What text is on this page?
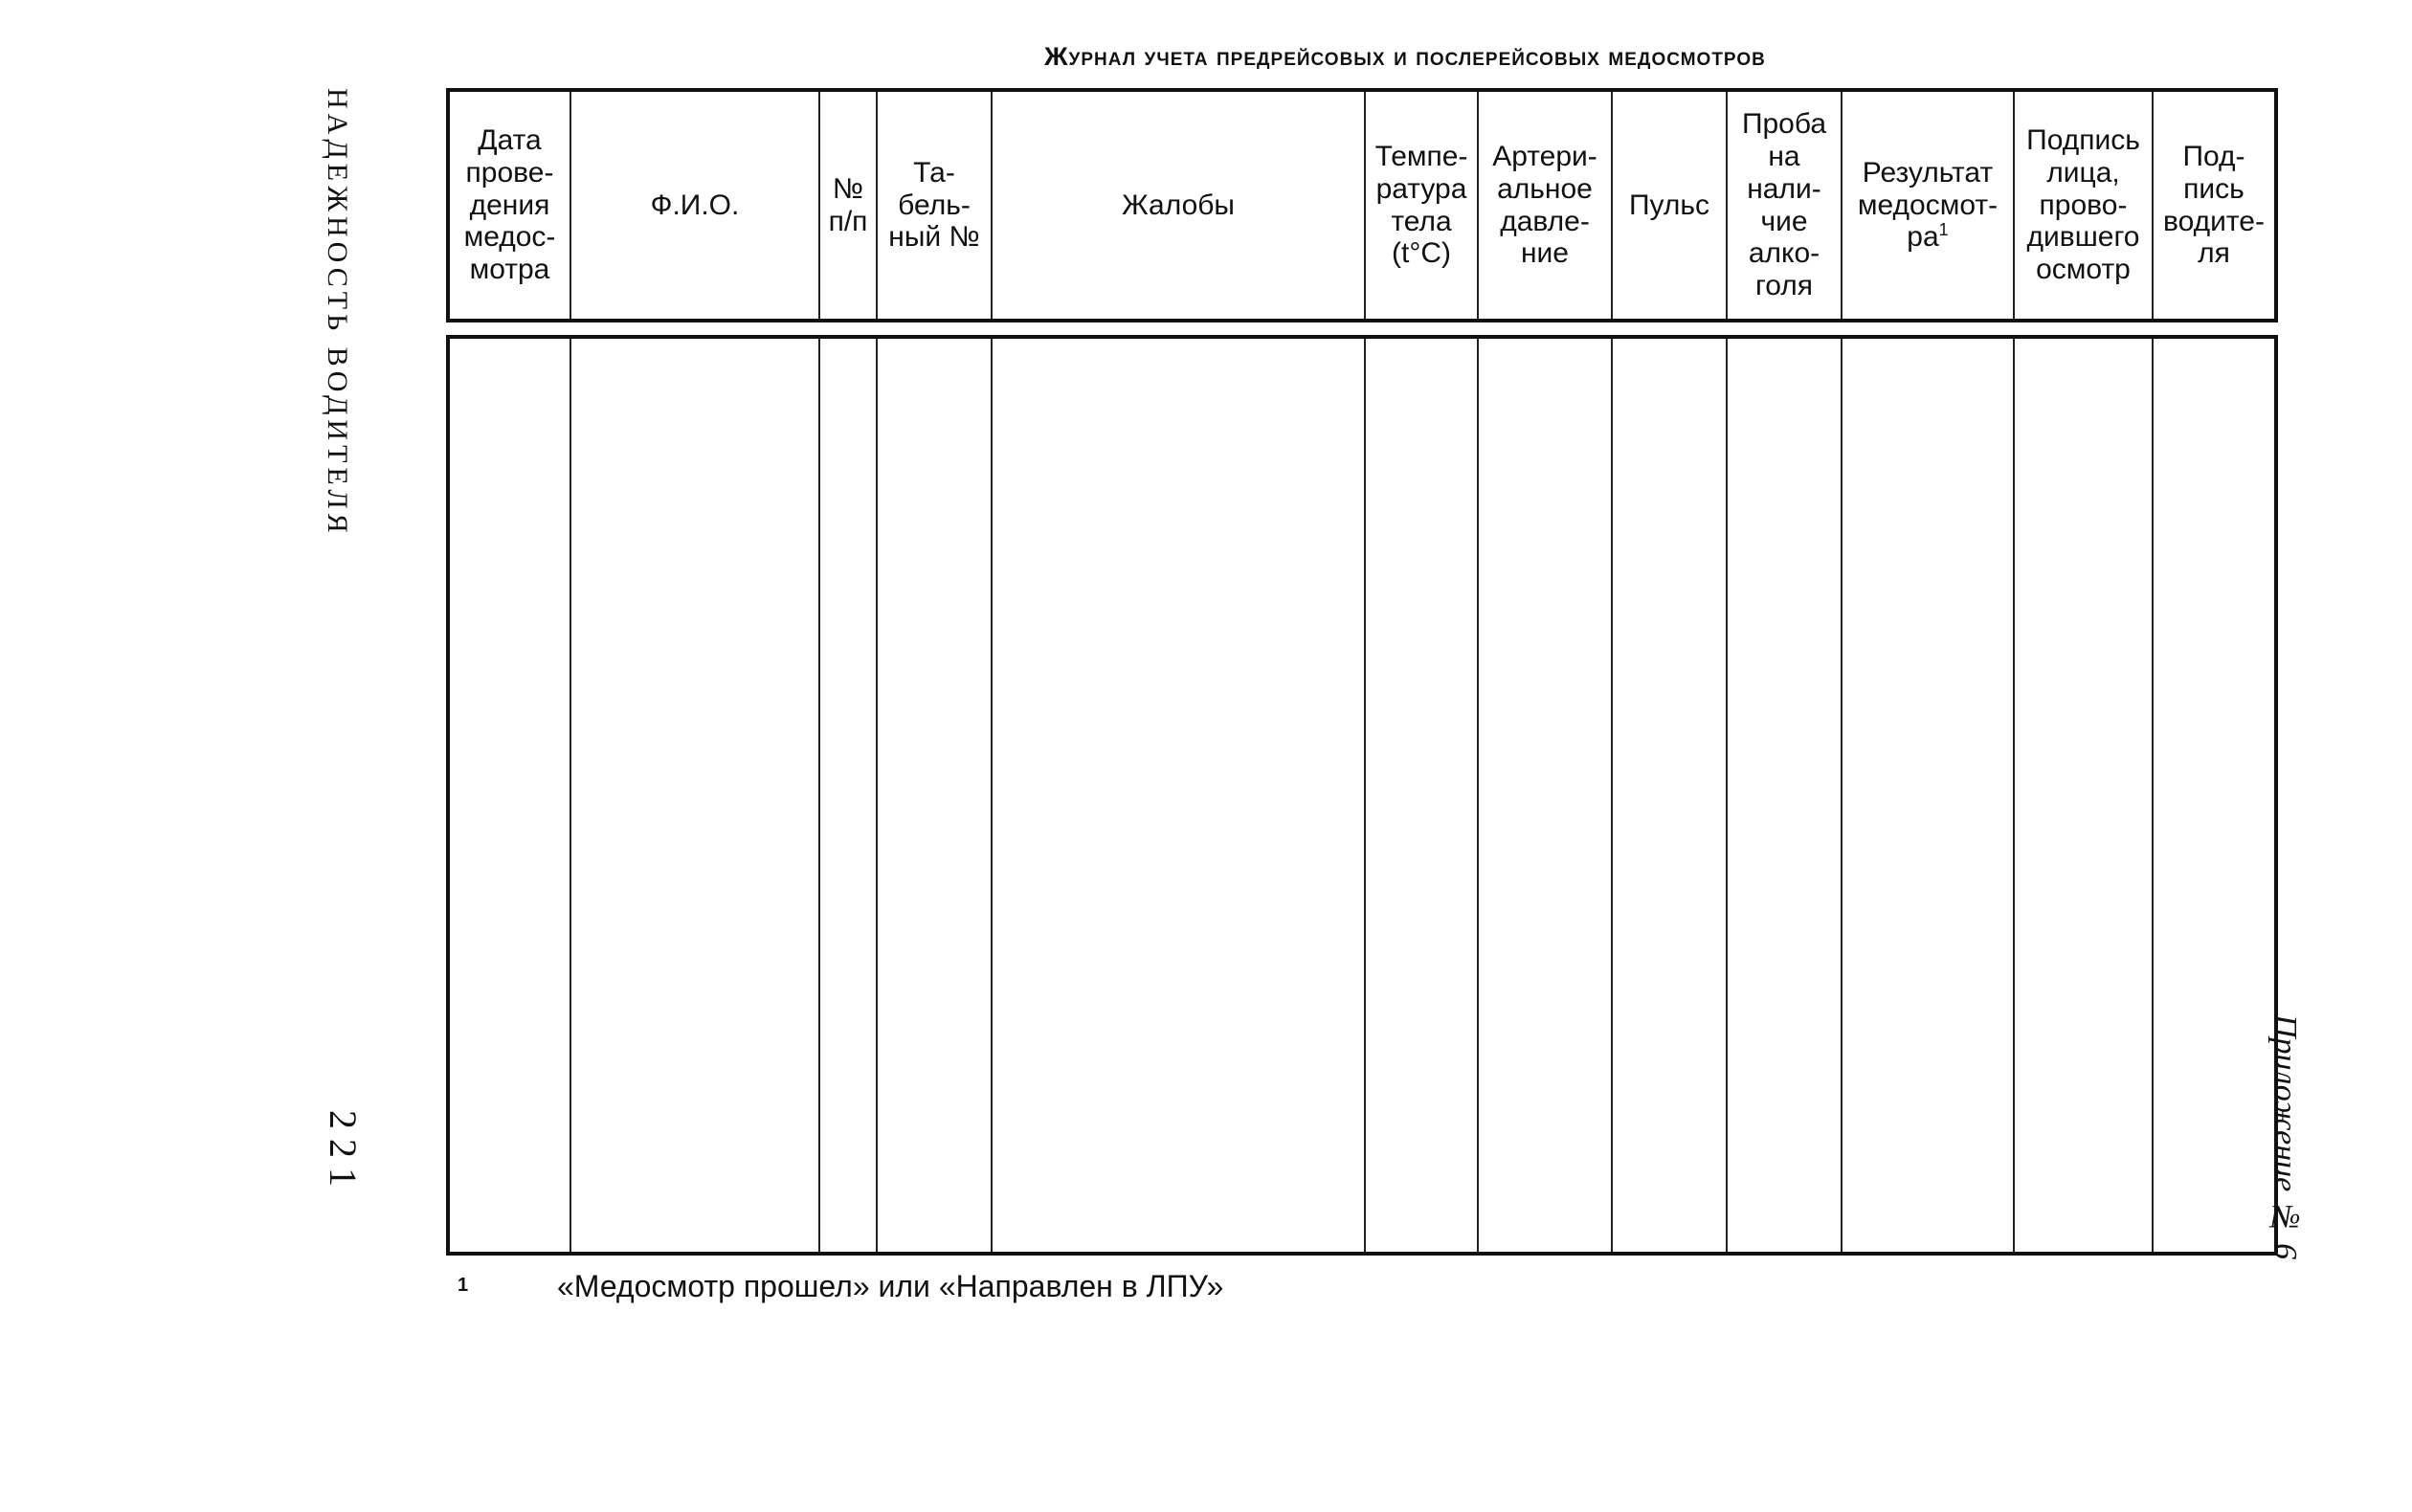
Журнал учета предрейсовых и послерейсовых медосмотров
НАДЕЖНОСТЬ ВОДИТЕЛЯ
221	Приложение № 6
Дата
прове-
дения
медос-
мотра
Ф.И.О.
№
п/п
Та-
бель-
ный №
Жалобы
Темпе-
ратура
тела
(t°C)
Артери-
альное
давле-
ние
Пульс
Проба
на
нали-
чие
алко-
голя
Результат
медосмот-
$ра^1$
Подпись
лица,
прово-
дившего
осмотр
Под-
пись
водите-
ля
1	«Медосмотр прошел» или «Направлен в ЛПУ»
